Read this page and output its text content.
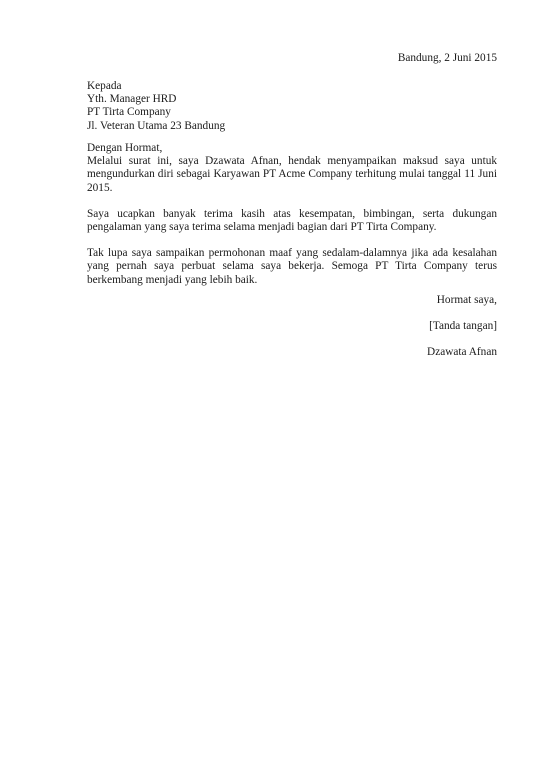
Bandung, 2 Juni 2015
Kepada
Yth. Manager HRD
PT Tirta Company
Jl. Veteran Utama 23 Bandung
Dengan Hormat,

Melalui surat ini, saya Dzawata Afnan, hendak menyampaikan maksud saya untuk mengundurkan diri sebagai Karyawan PT Acme Company terhitung mulai tanggal 11 Juni 2015.

Saya ucapkan banyak terima kasih atas kesempatan, bimbingan, serta dukungan pengalaman yang saya terima selama menjadi bagian dari PT Tirta Company.

Tak lupa saya sampaikan permohonan maaf yang sedalam-dalamnya jika ada kesalahan yang pernah saya perbuat selama saya bekerja. Semoga PT Tirta Company terus berkembang menjadi yang lebih baik.

Hormat saya,
[Tanda tangan]
Dzawata Afnan
